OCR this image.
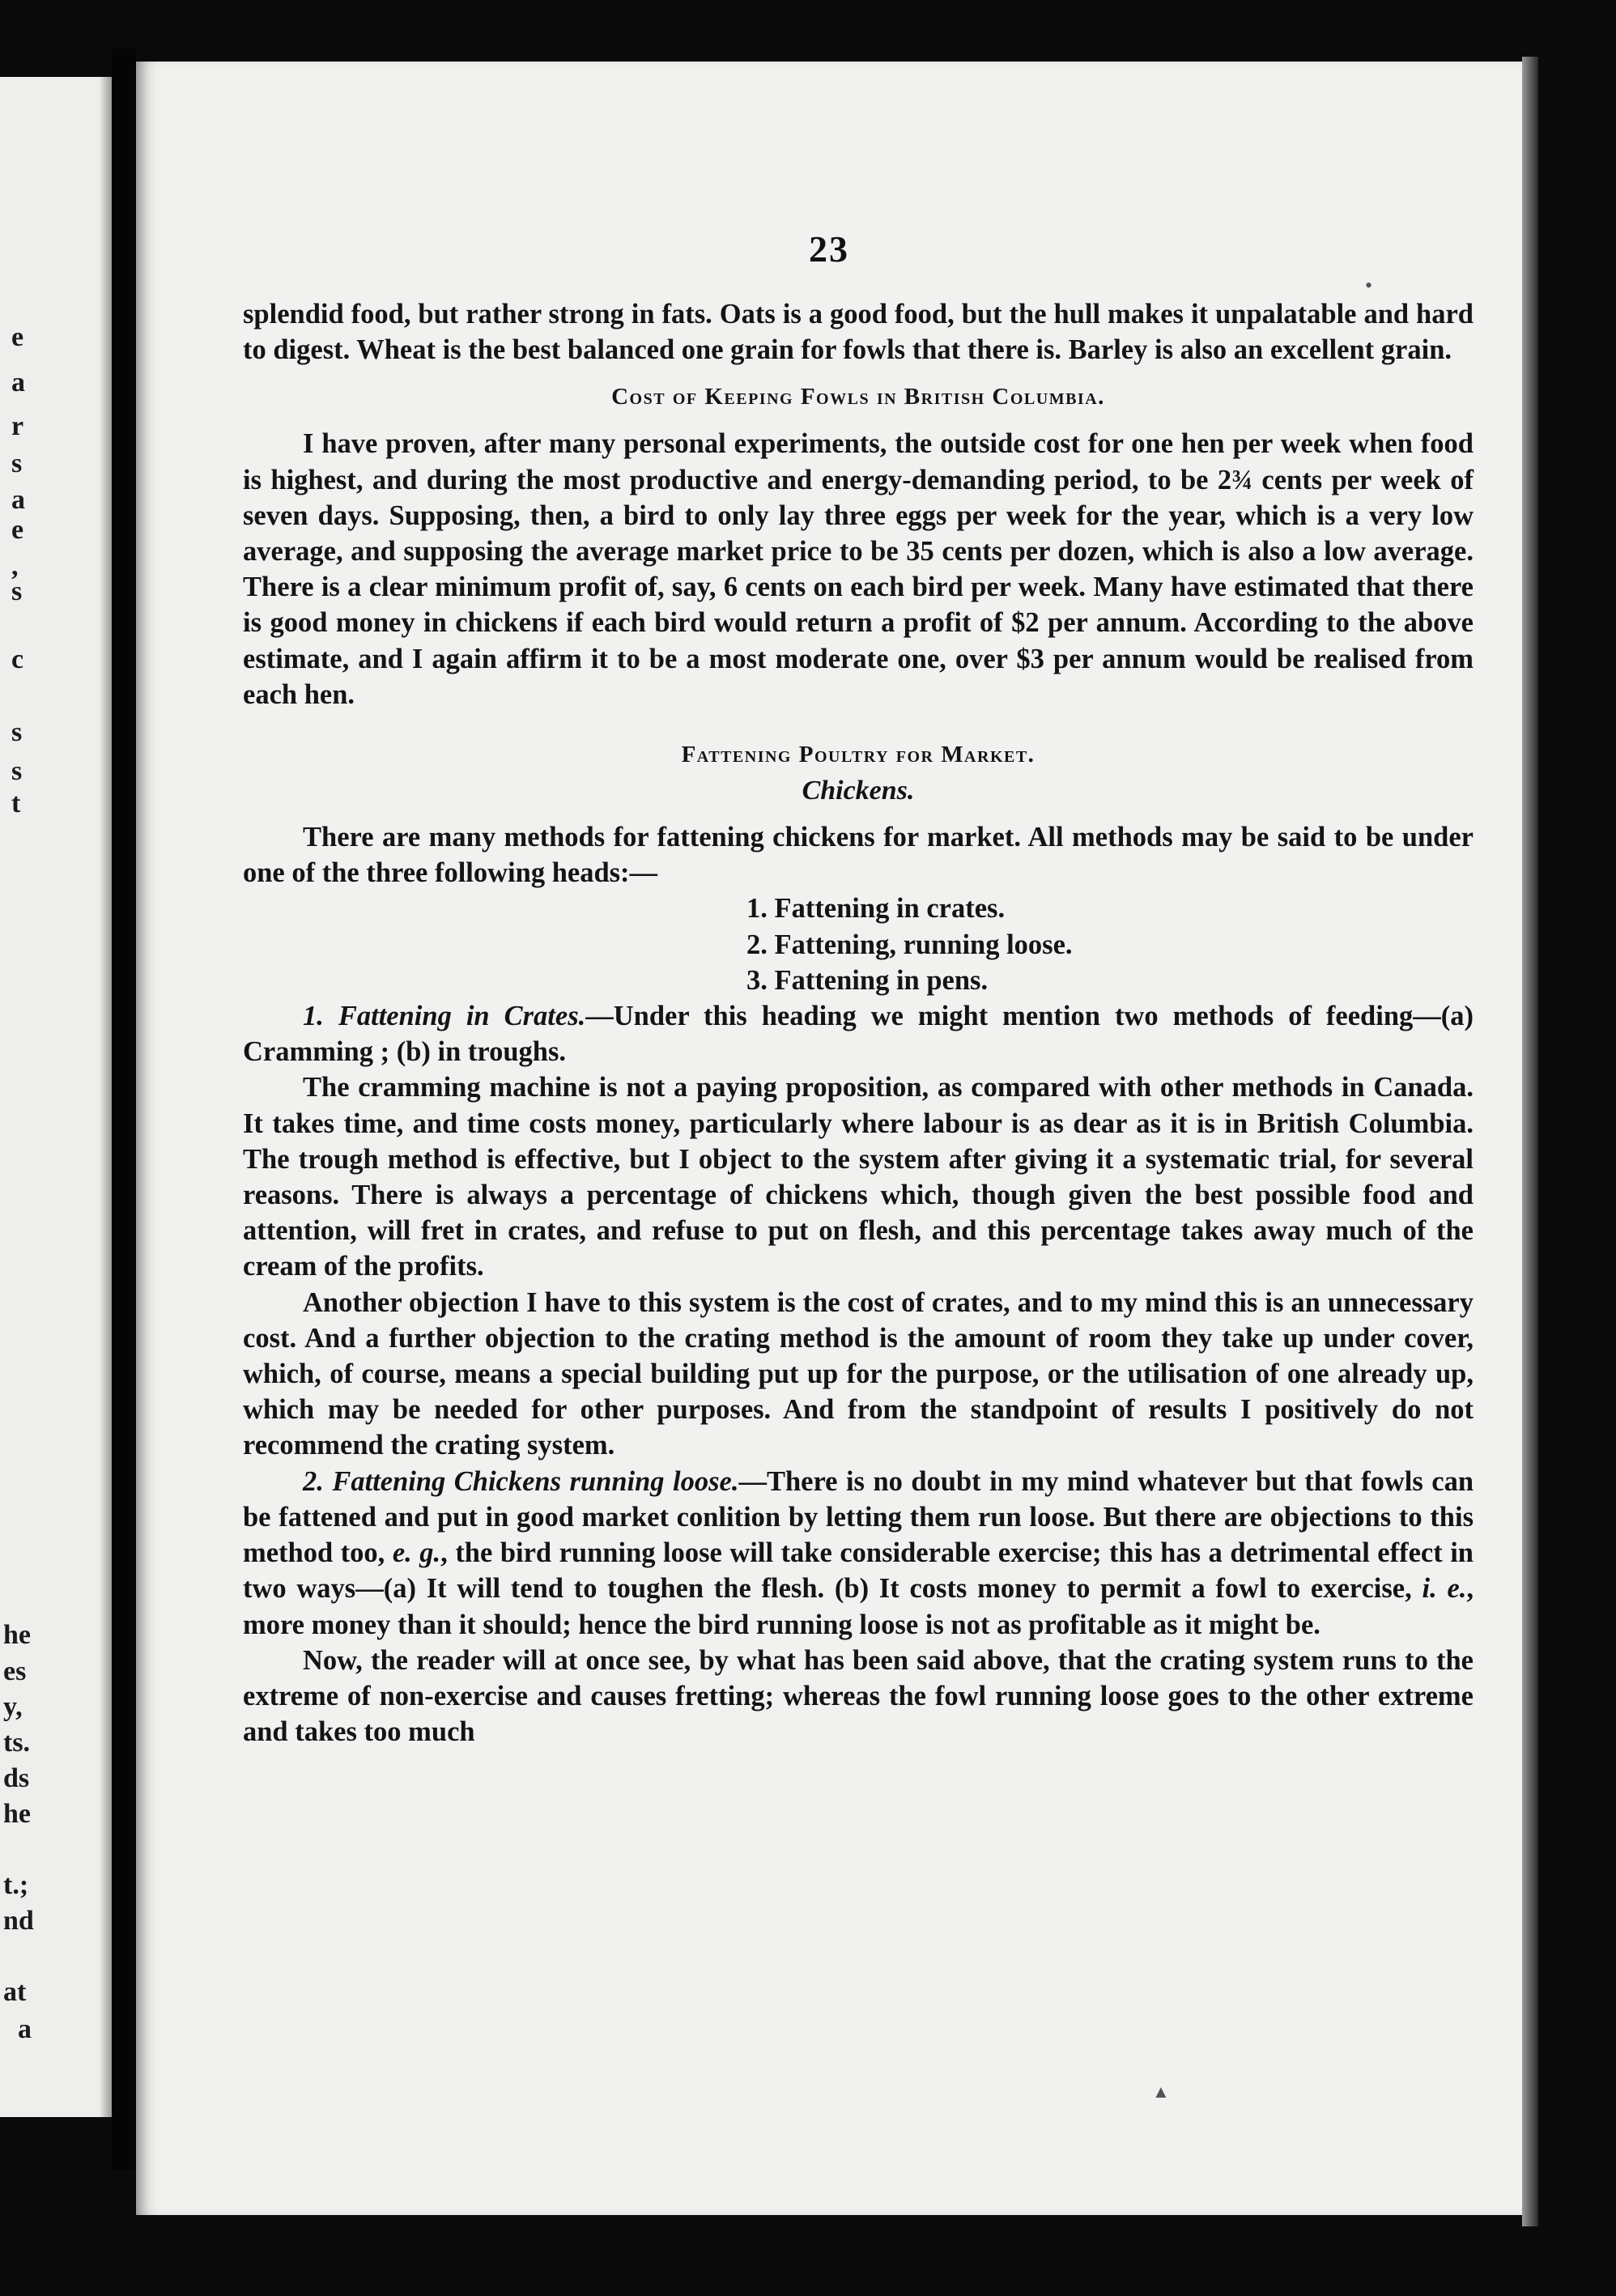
e
a
r
s
a
e
,
s
c
s
s
t
he
es
y,
ts.
ds
he
t.;
nd
at
a
23
•
▲

splendid food, but rather strong in fats. Oats is a good food, but the hull makes it unpalatable and hard to digest. Wheat is the best balanced one grain for fowls that there is. Barley is also an excellent grain.

Cost of Keeping Fowls in British Columbia.

I have proven, after many personal experiments, the outside cost for one hen per week when food is highest, and during the most productive and energy-demanding period, to be 2¾ cents per week of seven days. Supposing, then, a bird to only lay three eggs per week for the year, which is a very low average, and supposing the average market price to be 35 cents per dozen, which is also a low average. There is a clear minimum profit of, say, 6 cents on each bird per week. Many have estimated that there is good money in chickens if each bird would return a profit of $2 per annum. According to the above estimate, and I again affirm it to be a most moderate one, over $3 per annum would be realised from each hen.

Fattening Poultry for Market.

Chickens.

There are many methods for fattening chickens for market. All methods may be said to be under one of the three following heads:—

1. Fattening in crates.

2. Fattening, running loose.

3. Fattening in pens.

1. Fattening in Crates.—Under this heading we might mention two methods of feeding—(a) Cramming ; (b) in troughs.

The cramming machine is not a paying proposition, as compared with other methods in Canada. It takes time, and time costs money, particularly where labour is as dear as it is in British Columbia. The trough method is effective, but I object to the system after giving it a systematic trial, for several reasons. There is always a percentage of chickens which, though given the best possible food and attention, will fret in crates, and refuse to put on flesh, and this percentage takes away much of the cream of the profits.

Another objection I have to this system is the cost of crates, and to my mind this is an unnecessary cost. And a further objection to the crating method is the amount of room they take up under cover, which, of course, means a special building put up for the purpose, or the utilisation of one already up, which may be needed for other purposes. And from the standpoint of results I positively do not recommend the crating system.

2. Fattening Chickens running loose.—There is no doubt in my mind whatever but that fowls can be fattened and put in good market conlition by letting them run loose. But there are objections to this method too, e. g., the bird running loose will take considerable exercise; this has a detrimental effect in two ways—(a) It will tend to toughen the flesh. (b) It costs money to permit a fowl to exercise, i. e., more money than it should; hence the bird running loose is not as profitable as it might be.

Now, the reader will at once see, by what has been said above, that the crating system runs to the extreme of non-exercise and causes fretting; whereas the fowl running loose goes to the other extreme and takes too much
